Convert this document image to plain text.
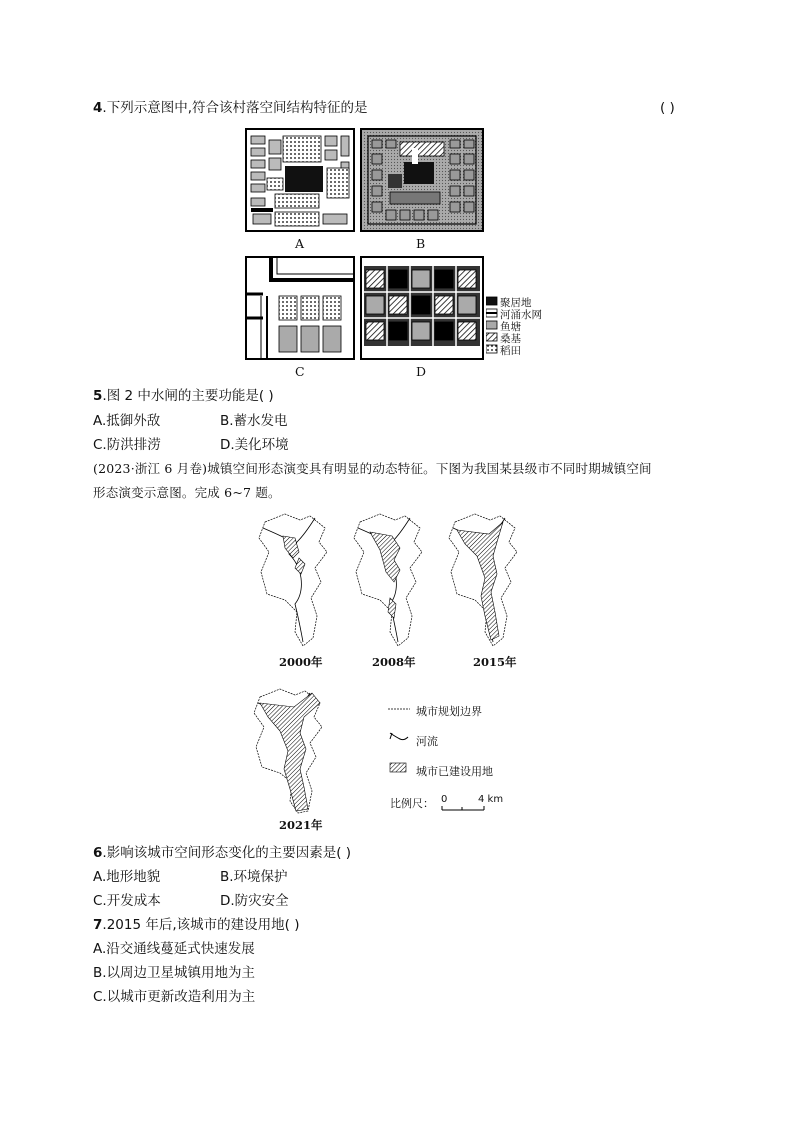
4.下列示意图中,符合该村落空间结构特征的是	( )
A	B
C	D
聚居地
河涌水网
鱼塘
桑基
稻田
5.图 2 中水闸的主要功能是( )
A.抵御外敌	B.蓄水发电
C.防洪排涝	D.美化环境
(2023·浙江 6 月卷)城镇空间形态演变具有明显的动态特征。下图为我国某县级市不同时期城镇空间
形态演变示意图。完成 6~7 题。
2000年	2008年	2015年
2021年
城市规划边界
河流
城市已建设用地
比例尺： 0	4 km
6.影响该城市空间形态变化的主要因素是( )
A.地形地貌	B.环境保护
C.开发成本	D.防灾安全
7.2015 年后,该城市的建设用地( )
A.沿交通线蔓延式快速发展
B.以周边卫星城镇用地为主
C.以城市更新改造利用为主
